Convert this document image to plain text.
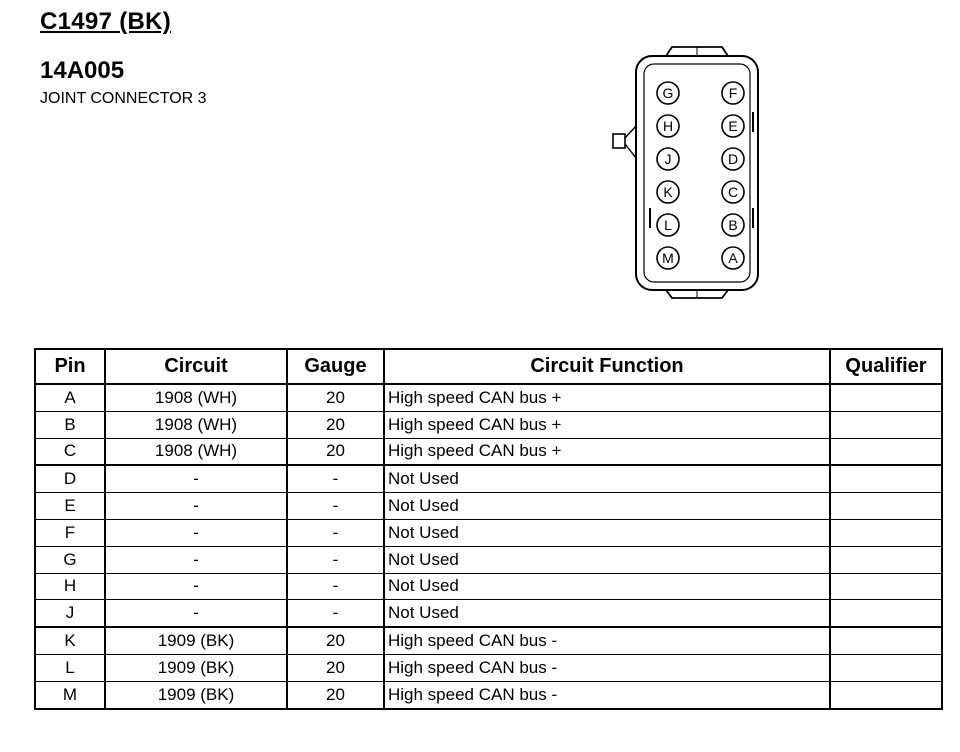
C1497 (BK)
14A005
JOINT CONNECTOR 3	F
E
D
C
B
A
G
H
J
K
L
M
Pin	Circuit	Gauge	Circuit Function	Qualifier
A	1908 (WH)	20	High speed CAN bus +	
B	1908 (WH)	20	High speed CAN bus +	
C	1908 (WH)	20	High speed CAN bus +	
D	-	-	Not Used	
E	-	-	Not Used	
F	-	-	Not Used	
G	-	-	Not Used	
H	-	-	Not Used	
J	-	-	Not Used	
K	1909 (BK)	20	High speed CAN bus -	
L	1909 (BK)	20	High speed CAN bus -	
M	1909 (BK)	20	High speed CAN bus -	
